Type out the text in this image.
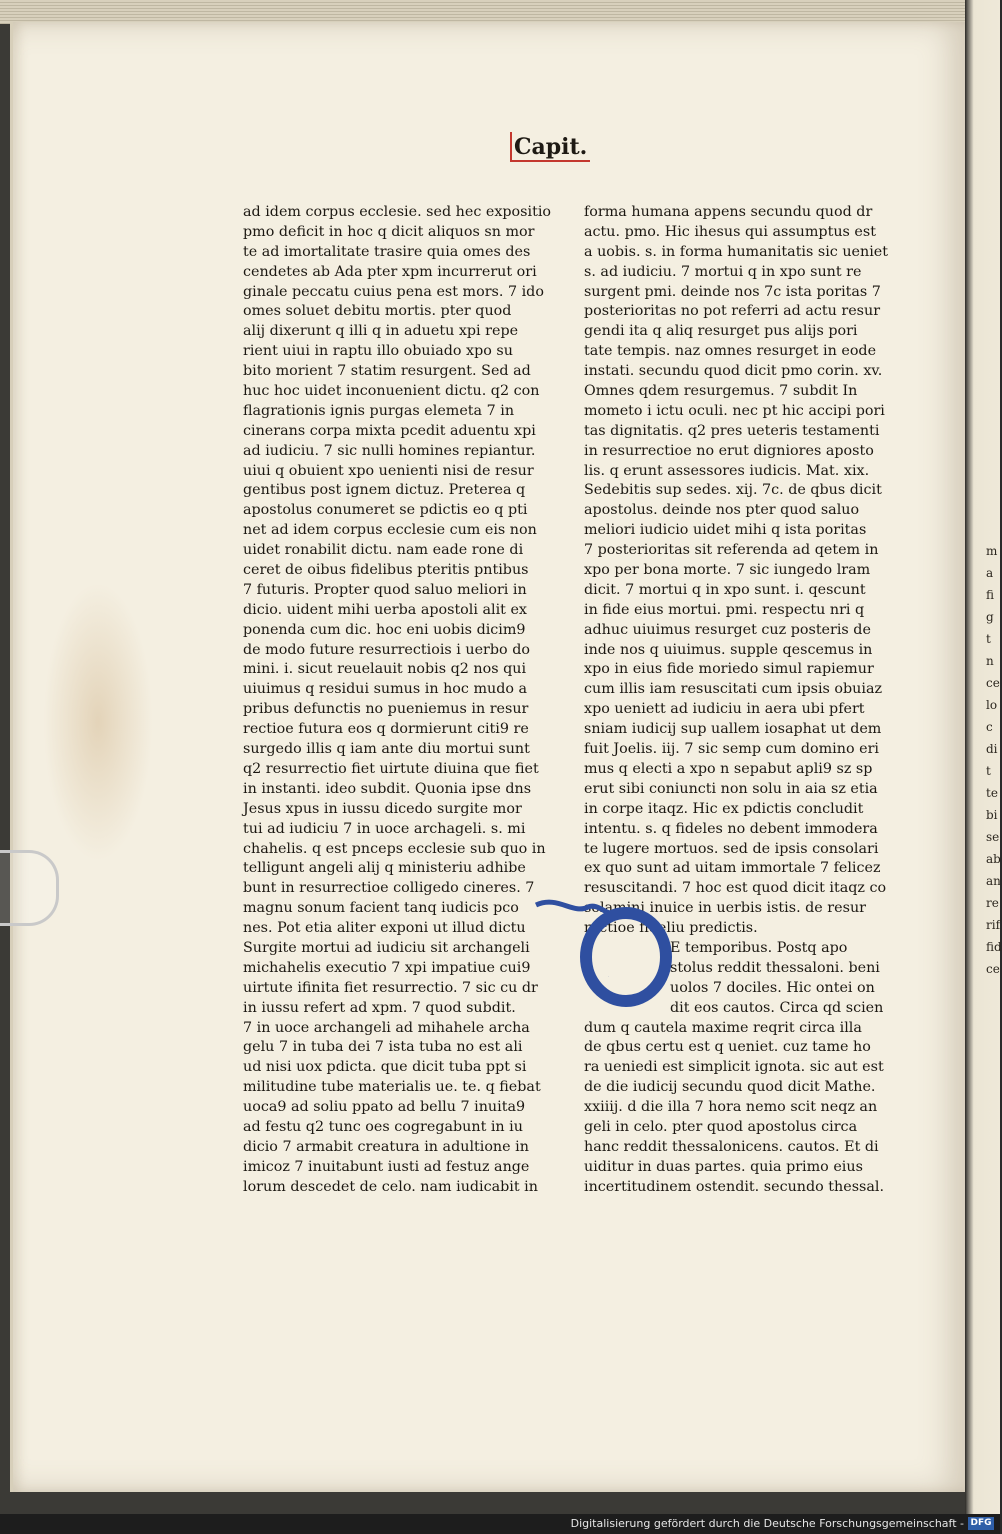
m
a
fi
g
t
n
ce
lo
c
di
t
te
bi
se
ab
an
re
rif
fid
ce
Capit.
ad idem corpus ecclesie. sed hec expositio
pmo deficit in hoc q dicit aliquos sn mor
te ad imortalitate trasire quia omes des
cendetes ab Ada pter xpm incurrerut ori
ginale peccatu cuius pena est mors. 7 ido
omes soluet debitu mortis. pter quod
alij dixerunt q illi q in aduetu xpi repe
rient uiui in raptu illo obuiado xpo su
bito morient 7 statim resurgent. Sed ad
huc hoc uidet inconuenient dictu. q2 con
flagrationis ignis purgas elemeta 7 in
cinerans corpa mixta pcedit aduentu xpi
ad iudiciu. 7 sic nulli homines repiantur.
uiui q obuient xpo uenienti nisi de resur
gentibus post ignem dictuz. Preterea q
apostolus conumeret se pdictis eo q pti
net ad idem corpus ecclesie cum eis non
uidet ronabilit dictu. nam eade rone di
ceret de oibus fidelibus pteritis pntibus
7 futuris. Propter quod saluo meliori in
dicio. uident mihi uerba apostoli alit ex
ponenda cum dic. hoc eni uobis dicim9
de modo future resurrectiois i uerbo do
mini. i. sicut reuelauit nobis q2 nos qui
uiuimus q residui sumus in hoc mudo a
pribus defunctis no pueniemus in resur
rectioe futura eos q dormierunt citi9 re
surgedo illis q iam ante diu mortui sunt
q2 resurrectio fiet uirtute diuina que fiet
in instanti. ideo subdit. Quonia ipse dns
Jesus xpus in iussu dicedo surgite mor
tui ad iudiciu 7 in uoce archageli. s. mi
chahelis. q est pnceps ecclesie sub quo in
telligunt angeli alij q ministeriu adhibe
bunt in resurrectioe colligedo cineres. 7
magnu sonum facient tanq iudicis pco
nes. Pot etia aliter exponi ut illud dictu
Surgite mortui ad iudiciu sit archangeli
michahelis executio 7 xpi impatiue cui9
uirtute ifinita fiet resurrectio. 7 sic cu dr
in iussu refert ad xpm. 7 quod subdit.
7 in uoce archangeli ad mihahele archa
gelu 7 in tuba dei 7 ista tuba no est ali
ud nisi uox pdicta. que dicit tuba ppt si
militudine tube materialis ue. te. q fiebat
uoca9 ad soliu ppato ad bellu 7 inuita9
ad festu q2 tunc oes cogregabunt in iu
dicio 7 armabit creatura in adultione in
imicoz 7 inuitabunt iusti ad festuz ange
lorum descedet de celo. nam iudicabit in
forma humana appens secundu quod dr
actu. pmo. Hic ihesus qui assumptus est
a uobis. s. in forma humanitatis sic ueniet
s. ad iudiciu. 7 mortui q in xpo sunt re
surgent pmi. deinde nos 7c ista poritas 7
posterioritas no pot referri ad actu resur
gendi ita q aliq resurget pus alijs pori
tate tempis. naz omnes resurget in eode
instati. secundu quod dicit pmo corin. xv.
Omnes qdem resurgemus. 7 subdit In
mometo i ictu oculi. nec pt hic accipi pori
tas dignitatis. q2 pres ueteris testamenti
in resurrectioe no erut digniores aposto
lis. q erunt assessores iudicis. Mat. xix.
Sedebitis sup sedes. xij. 7c. de qbus dicit
apostolus. deinde nos pter quod saluo
meliori iudicio uidet mihi q ista poritas
7 posterioritas sit referenda ad qetem in
xpo per bona morte. 7 sic iungedo lram
dicit. 7 mortui q in xpo sunt. i. qescunt
in fide eius mortui. pmi. respectu nri q
adhuc uiuimus resurget cuz posteris de
inde nos q uiuimus. supple qescemus in
xpo in eius fide moriedo simul rapiemur
cum illis iam resuscitati cum ipsis obuiaz
xpo ueniett ad iudiciu in aera ubi pfert
sniam iudicij sup uallem iosaphat ut dem
fuit Joelis. iij. 7 sic semp cum domino eri
mus q electi a xpo n sepabut apli9 sz sp
erut sibi coniuncti non solu in aia sz etia
in corpe itaqz. Hic ex pdictis concludit
intentu. s. q fideles no debent immodera
te lugere mortuos. sed de ipsis consolari
ex quo sunt ad uitam immortale 7 felicez
resuscitandi. 7 hoc est quod dicit itaqz co
solamini inuice in uerbis istis. de resur
rectioe fideliu predictis.
E temporibus. Postq apo
stolus reddit thessaloni. beni
uolos 7 dociles. Hic ontei on
dit eos cautos. Circa qd scien
dum q cautela maxime reqrit circa illa
de qbus certu est q ueniet. cuz tame ho
ra ueniedi est simplicit ignota. sic aut est
de die iudicij secundu quod dicit Mathe.
xxiiij. d die illa 7 hora nemo scit neqz an
geli in celo. pter quod apostolus circa
hanc reddit thessalonicens. cautos. Et di
uiditur in duas partes. quia primo eius
incertitudinem ostendit. secundo thessal.
D
Digitalisierung gefördert durch die Deutsche Forschungsgemeinschaft - DFG
